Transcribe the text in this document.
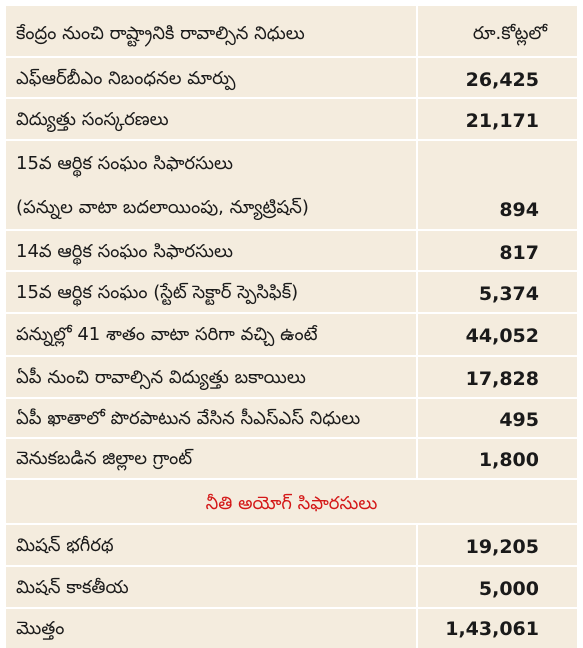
కేంద్రం నుంచి రాష్ట్రానికి రావాల్సిన నిధులు	రూ.కోట్లలో
ఎఫ్‌ఆర్‌బీఎం నిబంధనల మార్పు	26,425
విద్యుత్తు సంస్కరణలు	21,171
15వ ఆర్థిక సంఘం సిఫారసులు
(పన్నుల వాటా బదలాయింపు, న్యూట్రిషన్)	894
14వ ఆర్థిక సంఘం సిఫారసులు	817
15వ ఆర్థిక సంఘం (స్టేట్ సెక్టార్ స్పెసిఫిక్)	5,374
పన్నుల్లో 41 శాతం వాటా సరిగా వచ్చి ఉంటే	44,052
ఏపీ నుంచి రావాల్సిన విద్యుత్తు బకాయిలు	17,828
ఏపీ ఖాతాలో పొరపాటున వేసిన సీఎస్‌ఎస్ నిధులు	495
వెనుకబడిన జిల్లాల గ్రాంట్	1,800
నీతి అయోగ్ సిఫారసులు
మిషన్ భగీరథ	19,205
మిషన్ కాకతీయ	5,000
మొత్తం	1,43,061
